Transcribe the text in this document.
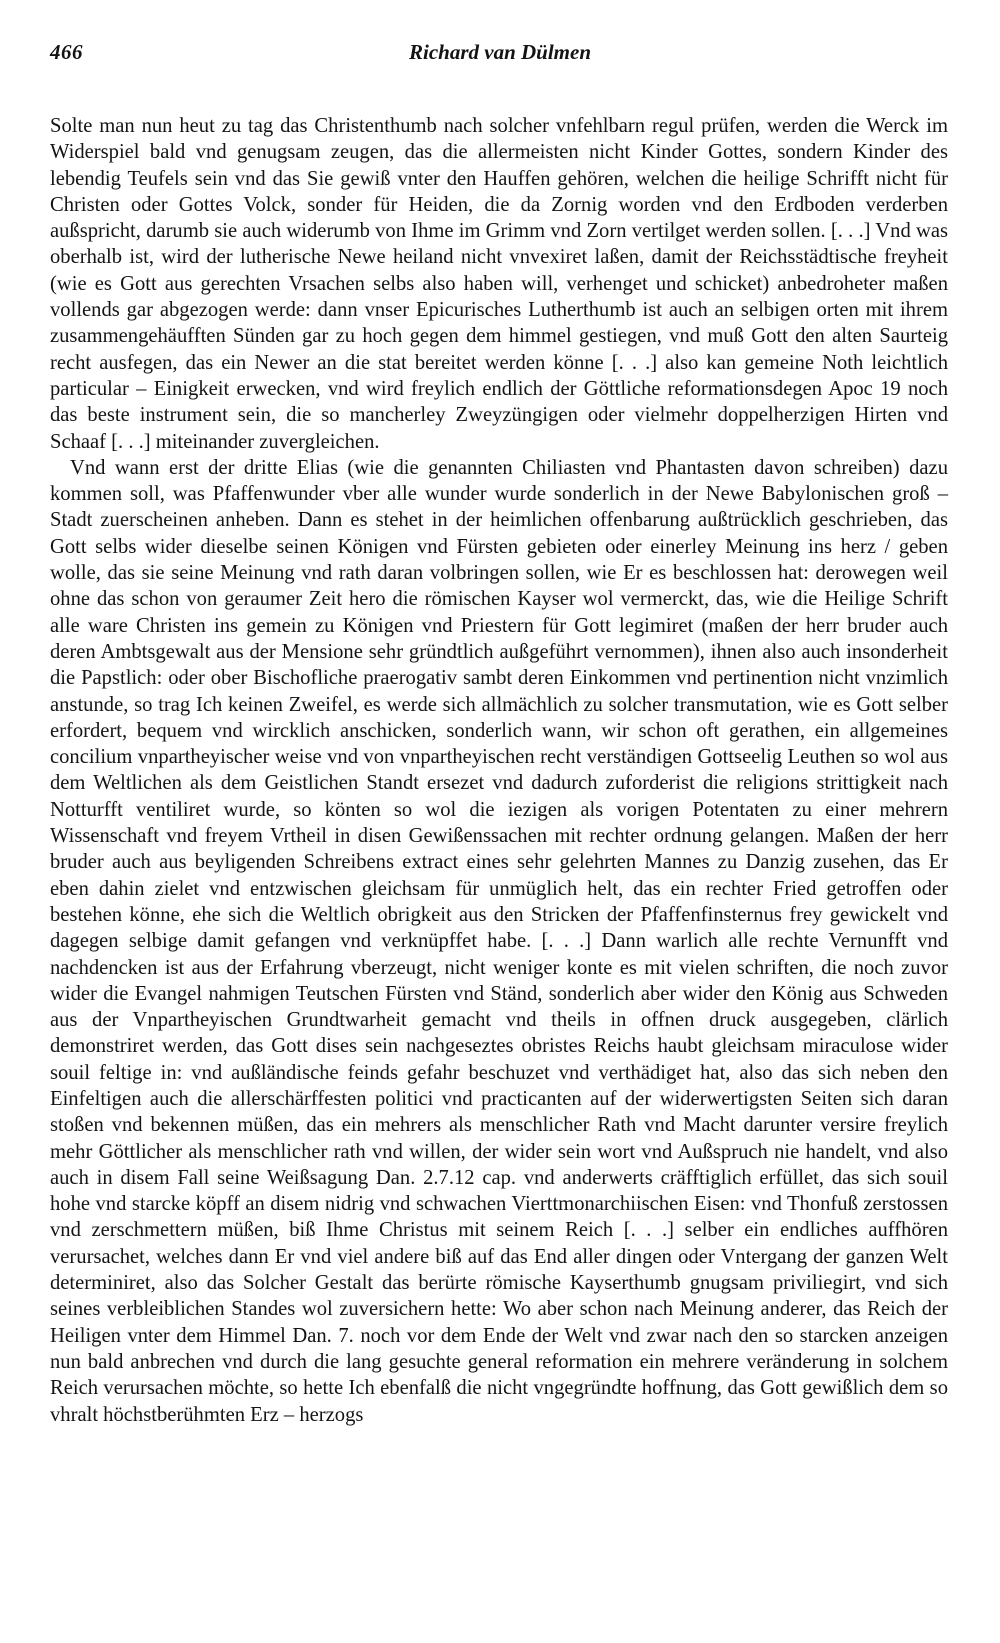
466	Richard van Dülmen

Solte man nun heut zu tag das Christenthumb nach solcher vnfehlbarn regul prüfen, werden die Werck im Widerspiel bald vnd genugsam zeugen, das die allermeisten nicht Kinder Gottes, sondern Kinder des lebendig Teufels sein vnd das Sie gewiß vnter den Hauffen gehören, welchen die heilige Schrifft nicht für Christen oder Gottes Volck, sonder für Heiden, die da Zornig worden vnd den Erdboden verderben außspricht, darumb sie auch widerumb von Ihme im Grimm vnd Zorn vertilget werden sollen. [. . .] Vnd was oberhalb ist, wird der lutherische Newe heiland nicht vnvexiret laßen, damit der Reichsstädtische freyheit (wie es Gott aus gerechten Vrsachen selbs also haben will, verhenget und schicket) anbedroheter maßen vollends gar abgezogen werde: dann vnser Epicurisches Lutherthumb ist auch an selbigen orten mit ihrem zusammengehäufften Sünden gar zu hoch gegen dem himmel gestiegen, vnd muß Gott den alten Saurteig recht ausfegen, das ein Newer an die stat bereitet werden könne [. . .] also kan gemeine Noth leichtlich particular – Einigkeit erwecken, vnd wird freylich endlich der Göttliche reformationsdegen Apoc 19 noch das beste instrument sein, die so mancherley Zweyzüngigen oder vielmehr doppelherzigen Hirten vnd Schaaf [. . .] miteinander zuvergleichen.

Vnd wann erst der dritte Elias (wie die genannten Chiliasten vnd Phantasten davon schreiben) dazu kommen soll, was Pfaffenwunder vber alle wunder wurde sonderlich in der Newe Babylonischen groß – Stadt zuerscheinen anheben. Dann es stehet in der heimlichen offenbarung außtrücklich geschrieben, das Gott selbs wider dieselbe seinen Königen vnd Fürsten gebieten oder einerley Meinung ins herz / geben wolle, das sie seine Meinung vnd rath daran volbringen sollen, wie Er es beschlossen hat: derowegen weil ohne das schon von geraumer Zeit hero die römischen Kayser wol vermerckt, das, wie die Heilige Schrift alle ware Christen ins gemein zu Königen vnd Priestern für Gott legimiret (maßen der herr bruder auch deren Ambtsgewalt aus der Mensione sehr gründtlich außgeführt vernommen), ihnen also auch insonderheit die Papstlich: oder ober Bischofliche praerogativ sambt deren Einkommen vnd pertinention nicht vnzimlich anstunde, so trag Ich keinen Zweifel, es werde sich allmächlich zu solcher transmutation, wie es Gott selber erfordert, bequem vnd wircklich anschicken, sonderlich wann, wir schon oft gerathen, ein allgemeines concilium vnpartheyischer weise vnd von vnpartheyischen recht verständigen Gottseelig Leuthen so wol aus dem Weltlichen als dem Geistlichen Standt ersezet vnd dadurch zuforderist die religions strittigkeit nach Notturfft ventiliret wurde, so könten so wol die iezigen als vorigen Potentaten zu einer mehrern Wissenschaft vnd freyem Vrtheil in disen Gewißenssachen mit rechter ordnung gelangen. Maßen der herr bruder auch aus beyligenden Schreibens extract eines sehr gelehrten Mannes zu Danzig zusehen, das Er eben dahin zielet vnd entzwischen gleichsam für unmüglich helt, das ein rechter Fried getroffen oder bestehen könne, ehe sich die Weltlich obrigkeit aus den Stricken der Pfaffenfinsternus frey gewickelt vnd dagegen selbige damit gefangen vnd verknüpffet habe. [. . .] Dann warlich alle rechte Vernunfft vnd nachdencken ist aus der Erfahrung vberzeugt, nicht weniger konte es mit vielen schriften, die noch zuvor wider die Evangel nahmigen Teutschen Fürsten vnd Ständ, sonderlich aber wider den König aus Schweden aus der Vnpartheyischen Grundtwarheit gemacht vnd theils in offnen druck ausgegeben, clärlich demonstriret werden, das Gott dises sein nachgeseztes obristes Reichs haubt gleichsam miraculose wider souil feltige in: vnd außländische feinds gefahr beschuzet vnd verthädiget hat, also das sich neben den Einfeltigen auch die allerschärffesten politici vnd practicanten auf der widerwertigsten Seiten sich daran stoßen vnd bekennen müßen, das ein mehrers als menschlicher Rath vnd Macht darunter versire freylich mehr Göttlicher als menschlicher rath vnd willen, der wider sein wort vnd Außspruch nie handelt, vnd also auch in disem Fall seine Weißsagung Dan. 2.7.12 cap. vnd anderwerts cräfftiglich erfüllet, das sich souil hohe vnd starcke köpff an disem nidrig vnd schwachen Vierttmonarchiischen Eisen: vnd Thonfuß zerstossen vnd zerschmettern müßen, biß Ihme Christus mit seinem Reich [. . .] selber ein endliches auffhören verursachet, welches dann Er vnd viel andere biß auf das End aller dingen oder Vntergang der ganzen Welt determiniret, also das Solcher Gestalt das berürte römische Kayserthumb gnugsam priviliegirt, vnd sich seines verbleiblichen Standes wol zuversichern hette: Wo aber schon nach Meinung anderer, das Reich der Heiligen vnter dem Himmel Dan. 7. noch vor dem Ende der Welt vnd zwar nach den so starcken anzeigen nun bald anbrechen vnd durch die lang gesuchte general reformation ein mehrere veränderung in solchem Reich verursachen möchte, so hette Ich ebenfalß die nicht vngegründte hoffnung, das Gott gewißlich dem so vhralt höchstberühmten Erz – herzogs
